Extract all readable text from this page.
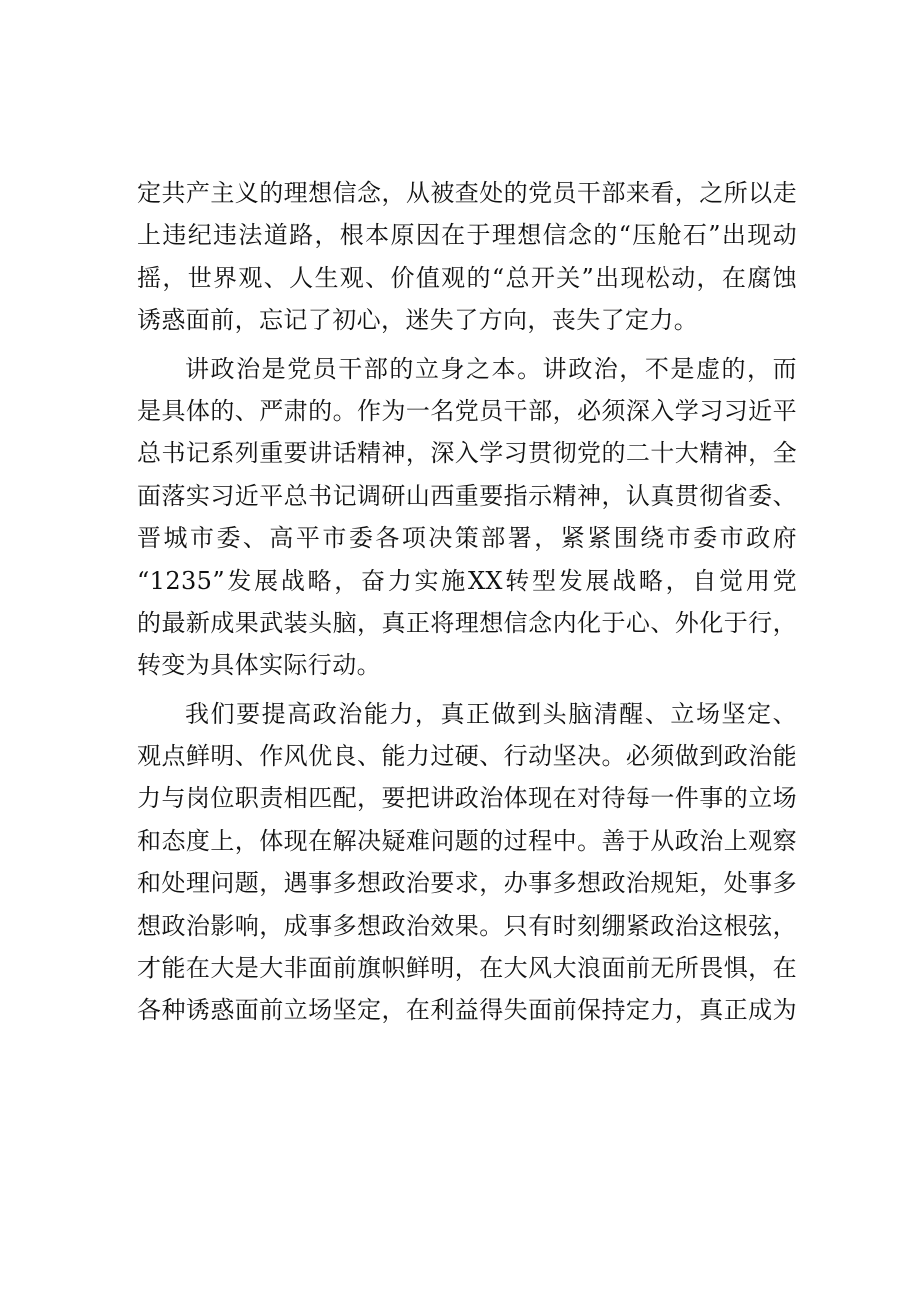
定共产主义的理想信念，从被查处的党员干部来看，之所以走
上违纪违法道路，根本原因在于理想信念的“压舱石”出现动
摇，世界观、人生观、价值观的“总开关”出现松动，在腐蚀
诱惑面前，忘记了初心，迷失了方向，丧失了定力。
讲政治是党员干部的立身之本。讲政治，不是虚的，而
是具体的、严肃的。作为一名党员干部，必须深入学习习近平
总书记系列重要讲话精神，深入学习贯彻党的二十大精神，全
面落实习近平总书记调研山西重要指示精神，认真贯彻省委、
晋城市委、高平市委各项决策部署，紧紧围绕市委市政府
“1235”发展战略，奋力实施XX转型发展战略，自觉用党
的最新成果武装头脑，真正将理想信念内化于心、外化于行，
转变为具体实际行动。
我们要提高政治能力，真正做到头脑清醒、立场坚定、
观点鲜明、作风优良、能力过硬、行动坚决。必须做到政治能
力与岗位职责相匹配，要把讲政治体现在对待每一件事的立场
和态度上，体现在解决疑难问题的过程中。善于从政治上观察
和处理问题，遇事多想政治要求，办事多想政治规矩，处事多
想政治影响，成事多想政治效果。只有时刻绷紧政治这根弦，
才能在大是大非面前旗帜鲜明，在大风大浪面前无所畏惧，在
各种诱惑面前立场坚定，在利益得失面前保持定力，真正成为
